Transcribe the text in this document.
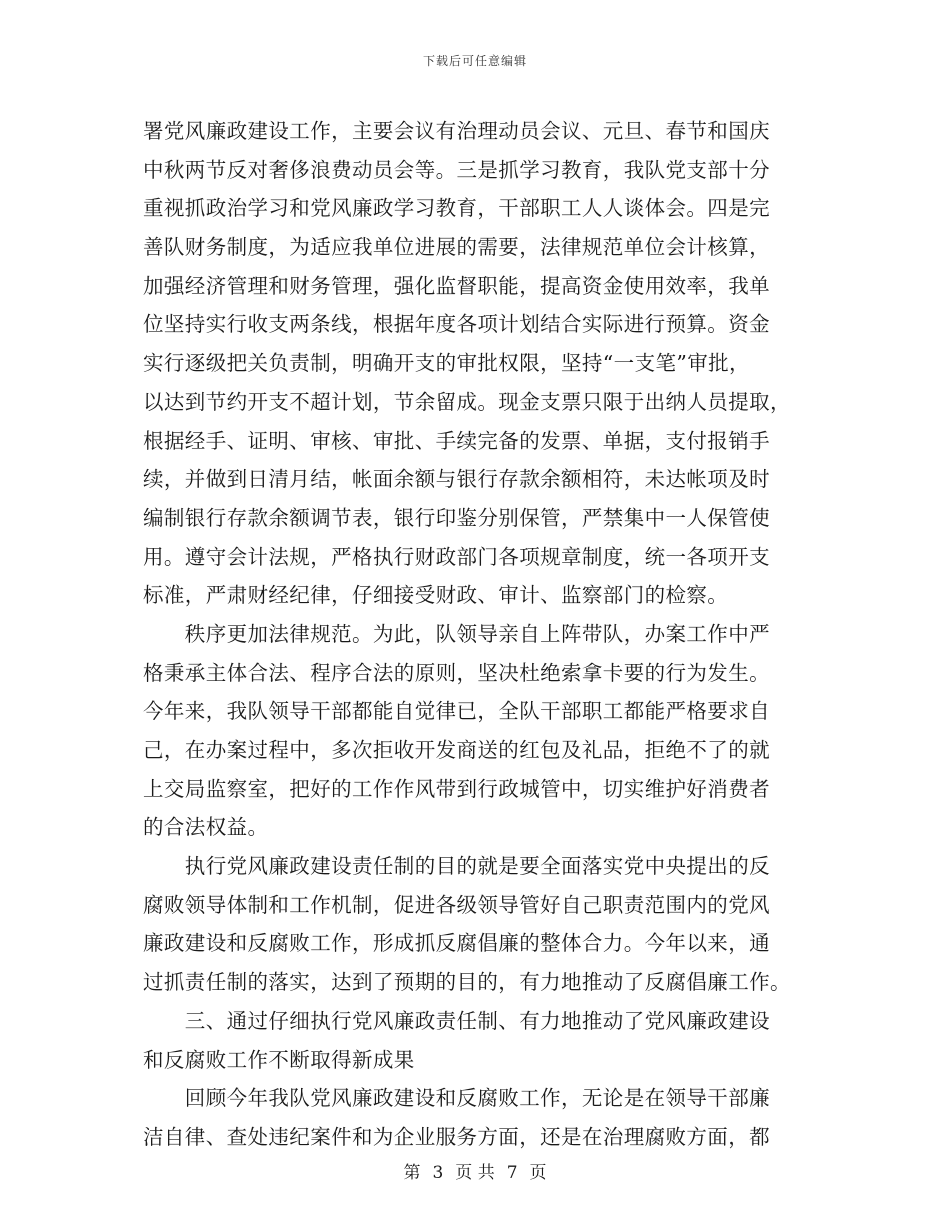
下载后可任意编辑
署党风廉政建设工作，主要会议有治理动员会议、元旦、春节和国庆
中秋两节反对奢侈浪费动员会等。三是抓学习教育，我队党支部十分
重视抓政治学习和党风廉政学习教育，干部职工人人谈体会。四是完
善队财务制度，为适应我单位进展的需要，法律规范单位会计核算，
加强经济管理和财务管理，强化监督职能，提高资金使用效率，我单
位坚持实行收支两条线，根据年度各项计划结合实际进行预算。资金
实行逐级把关负责制，明确开支的审批权限，坚持“一支笔”审批，
以达到节约开支不超计划，节余留成。现金支票只限于出纳人员提取，
根据经手、证明、审核、审批、手续完备的发票、单据，支付报销手
续，并做到日清月结，帐面余额与银行存款余额相符，未达帐项及时
编制银行存款余额调节表，银行印鉴分别保管，严禁集中一人保管使
用。遵守会计法规，严格执行财政部门各项规章制度，统一各项开支
标准，严肃财经纪律，仔细接受财政、审计、监察部门的检察。
　　秩序更加法律规范。为此，队领导亲自上阵带队，办案工作中严
格秉承主体合法、程序合法的原则，坚决杜绝索拿卡要的行为发生。
今年来，我队领导干部都能自觉律已，全队干部职工都能严格要求自
己，在办案过程中，多次拒收开发商送的红包及礼品，拒绝不了的就
上交局监察室，把好的工作作风带到行政城管中，切实维护好消费者
的合法权益。
　　执行党风廉政建设责任制的目的就是要全面落实党中央提出的反
腐败领导体制和工作机制，促进各级领导管好自己职责范围内的党风
廉政建设和反腐败工作，形成抓反腐倡廉的整体合力。今年以来，通
过抓责任制的落实，达到了预期的目的，有力地推动了反腐倡廉工作。
　　三、通过仔细执行党风廉政责任制、有力地推动了党风廉政建设
和反腐败工作不断取得新成果
　　回顾今年我队党风廉政建设和反腐败工作，无论是在领导干部廉
洁自律、查处违纪案件和为企业服务方面，还是在治理腐败方面，都
第 3 页 共 7 页
